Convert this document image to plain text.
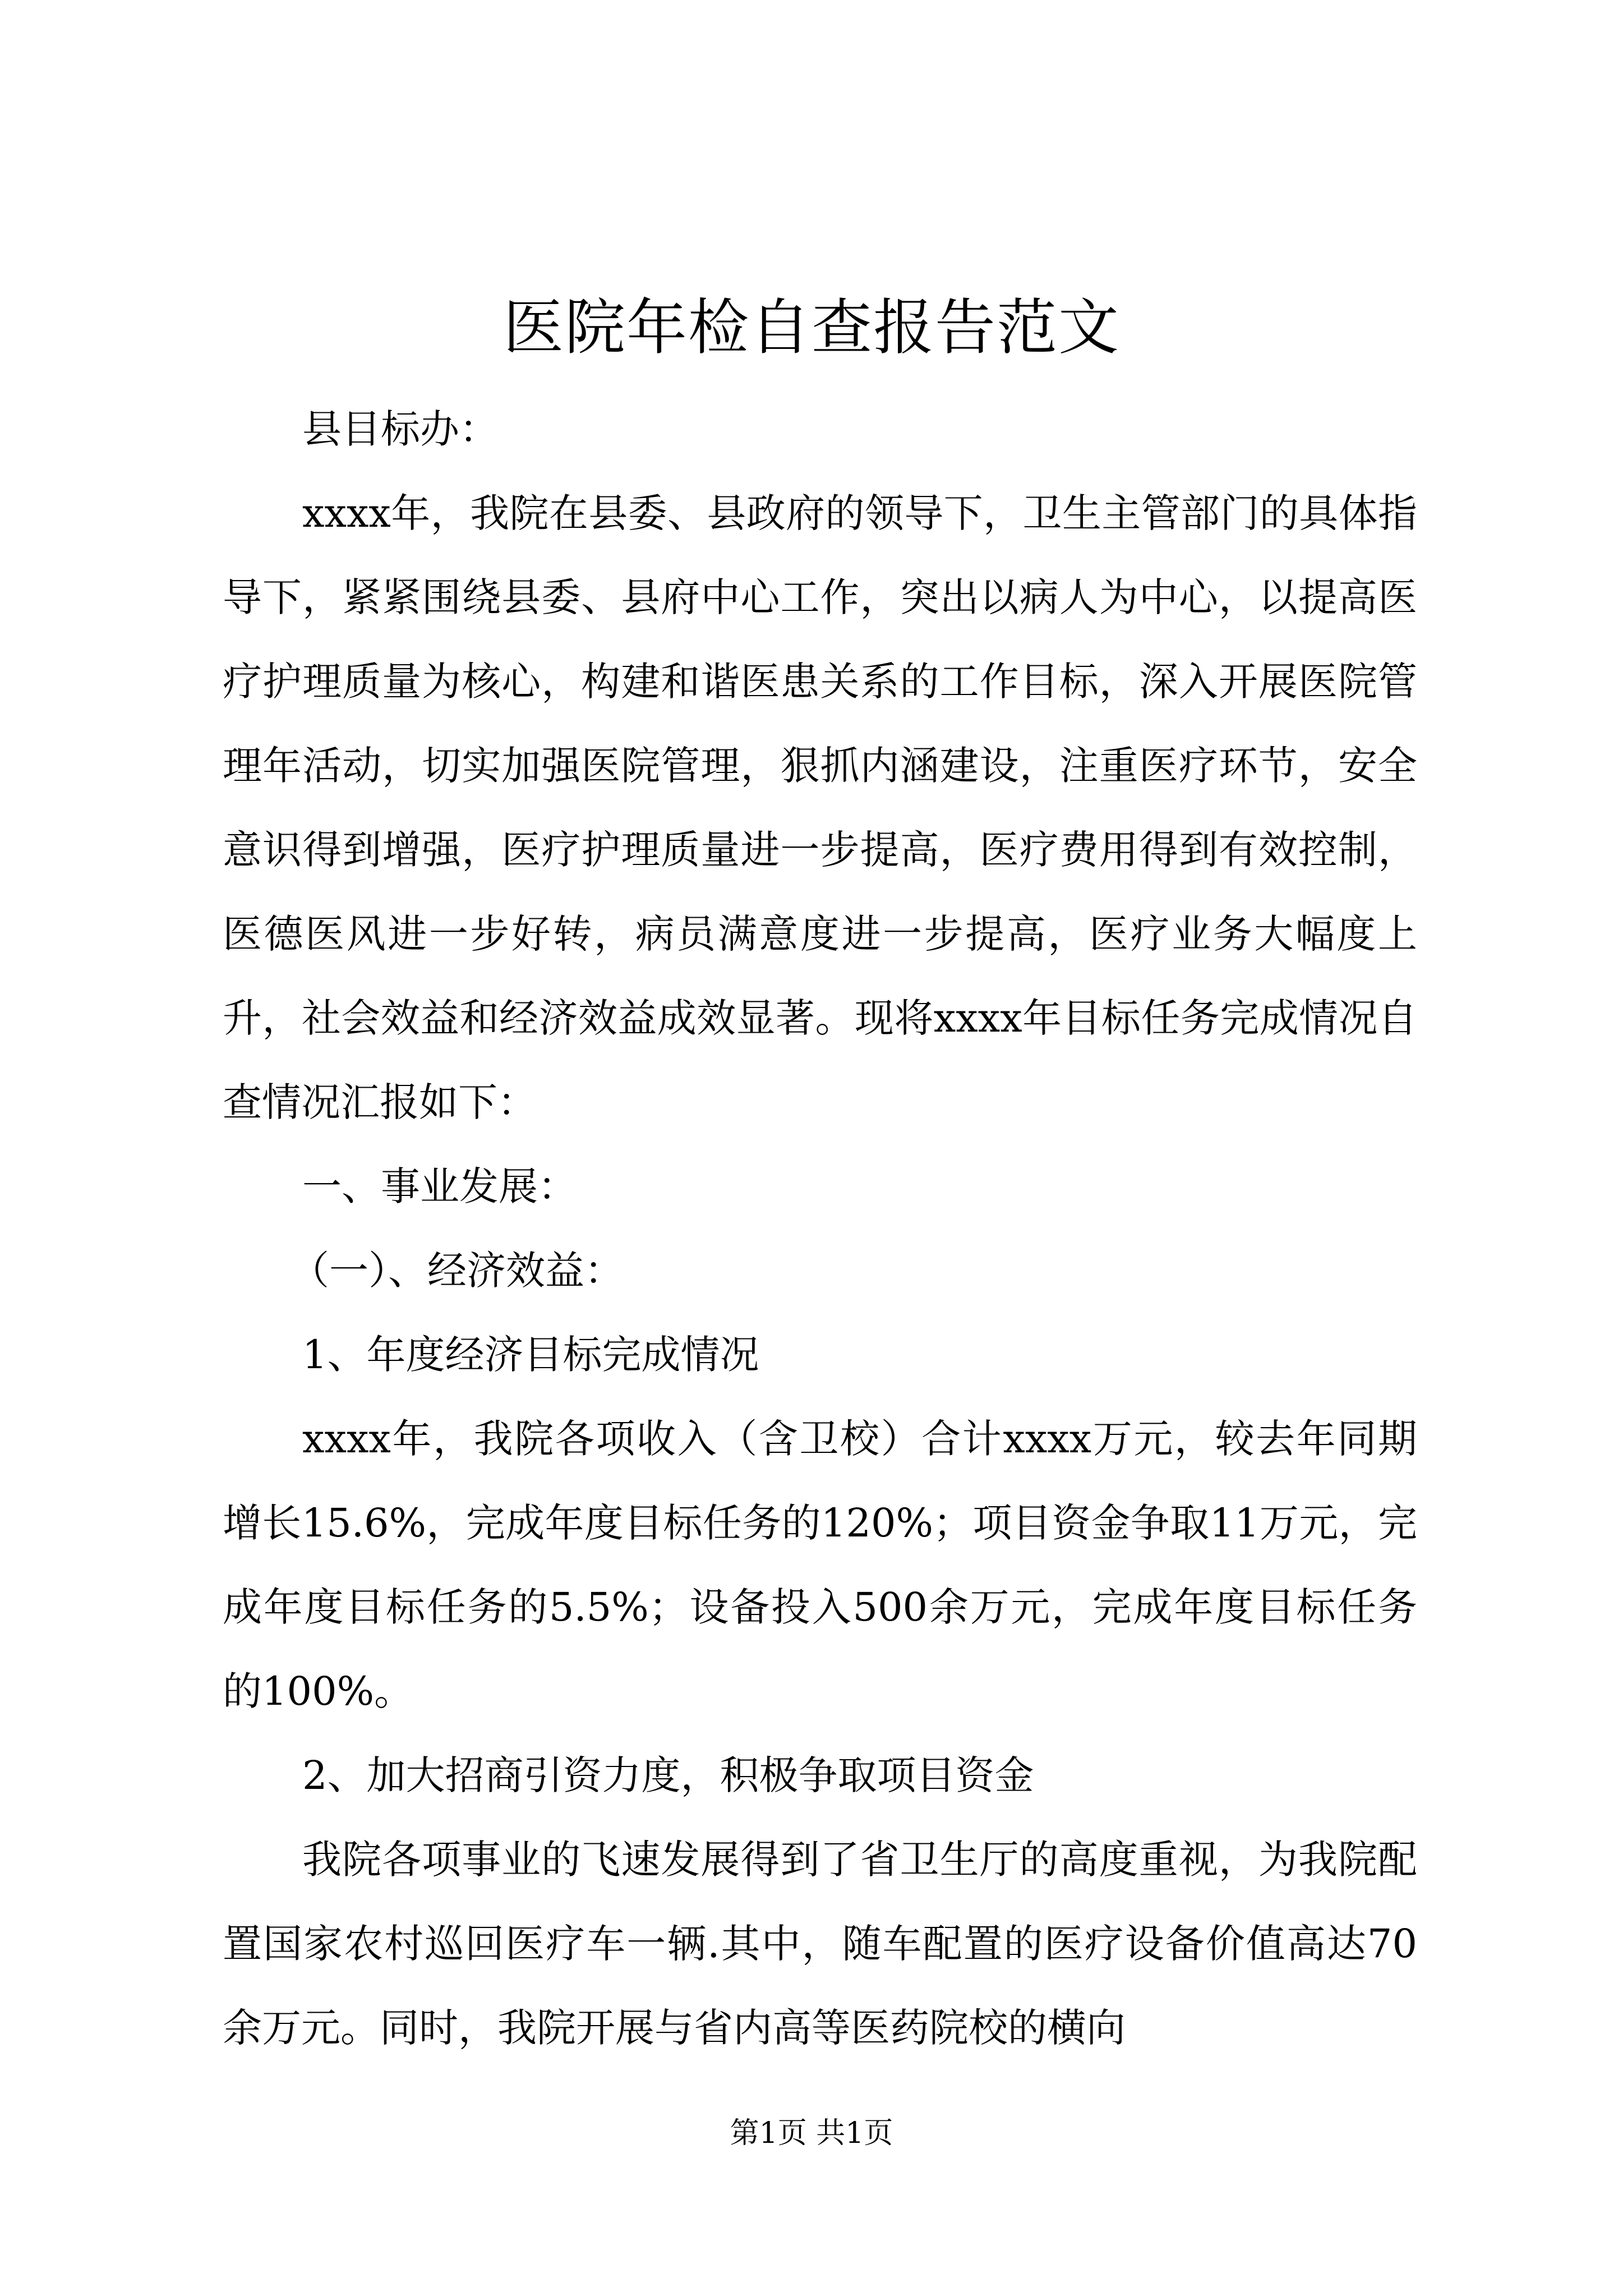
医院年检自查报告范文

县目标办：

xxxx年，我院在县委、县政府的领导下，卫生主管部门的具体指导下，紧紧围绕县委、县府中心工作，突出以病人为中心，以提高医疗护理质量为核心，构建和谐医患关系的工作目标，深入开展医院管理年活动，切实加强医院管理，狠抓内涵建设，注重医疗环节，安全意识得到增强，医疗护理质量进一步提高，医疗费用得到有效控制，医德医风进一步好转，病员满意度进一步提高，医疗业务大幅度上升，社会效益和经济效益成效显著。现将xxxx年目标任务完成情况自查情况汇报如下：

一、事业发展：

（一）、经济效益：

1、年度经济目标完成情况

xxxx年，我院各项收入（含卫校）合计xxxx万元，较去年同期增长15.6%，完成年度目标任务的120%；项目资金争取11万元，完成年度目标任务的5.5%；设备投入500余万元，完成年度目标任务的100%。

2、加大招商引资力度，积极争取项目资金

我院各项事业的飞速发展得到了省卫生厅的高度重视，为我院配置国家农村巡回医疗车一辆.其中，随车配置的医疗设备价值高达70余万元。同时，我院开展与省内高等医药院校的横向

第1页 共1页
